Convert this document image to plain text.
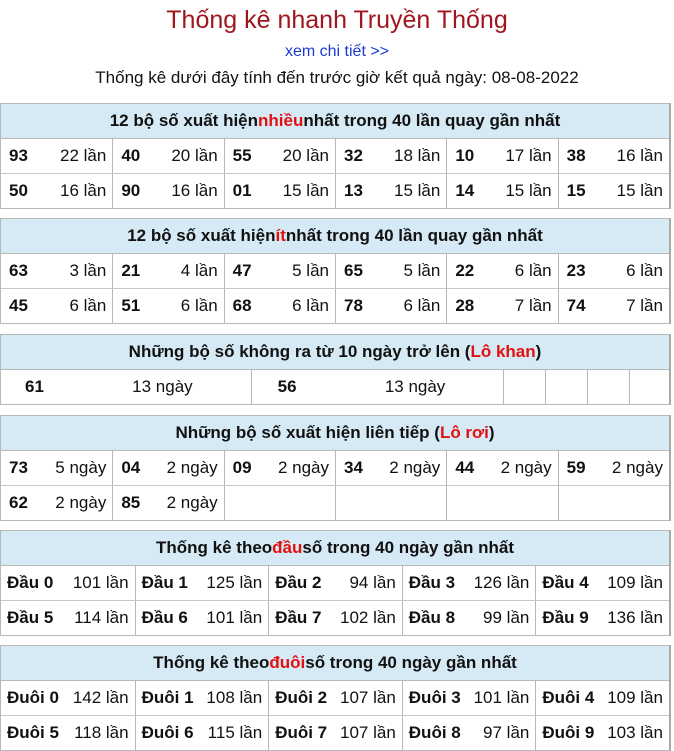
Thống kê nhanh Truyền Thống
xem chi tiết >>
Thống kê dưới đây tính đến trước giờ kết quả ngày: 08-08-2022
12 bộ số xuất hiện nhiều nhất trong 40 lần quay gần nhất
93 22 lần 40 20 lần 55 20 lần 32 18 lần 10 17 lần 38 16 lần
50 16 lần 90 16 lần 01 15 lần 13 15 lần 14 15 lần 15 15 lần
12 bộ số xuất hiện ít nhất trong 40 lần quay gần nhất
63 3 lần 21 4 lần 47 5 lần 65 5 lần 22 6 lần 23 6 lần
45 6 lần 51 6 lần 68 6 lần 78 6 lần 28 7 lần 74 7 lần
Những bộ số không ra từ 10 ngày trở lên ( Lô khan )
61	13 ngày	56	13 ngày
Những bộ số xuất hiện liên tiếp ( Lô rơi )
73 5 ngày 04 2 ngày 09 2 ngày 34 2 ngày 44 2 ngày 59 2 ngày
62 2 ngày 85 2 ngày
Thống kê theo đầu số trong 40 ngày gần nhất
Đầu 0 101 lần Đầu 1 125 lần Đầu 2 94 lần Đầu 3 126 lần Đầu 4 109 lần
Đầu 5 114 lần Đầu 6 101 lần Đầu 7 102 lần Đầu 8 99 lần Đầu 9 136 lần
Thống kê theo đuôi số trong 40 ngày gần nhất
Đuôi 0 142 lần Đuôi 1 108 lần Đuôi 2 107 lần Đuôi 3 101 lần Đuôi 4 109 lần
Đuôi 5 118 lần Đuôi 6 115 lần Đuôi 7 107 lần Đuôi 8 97 lần Đuôi 9 103 lần
